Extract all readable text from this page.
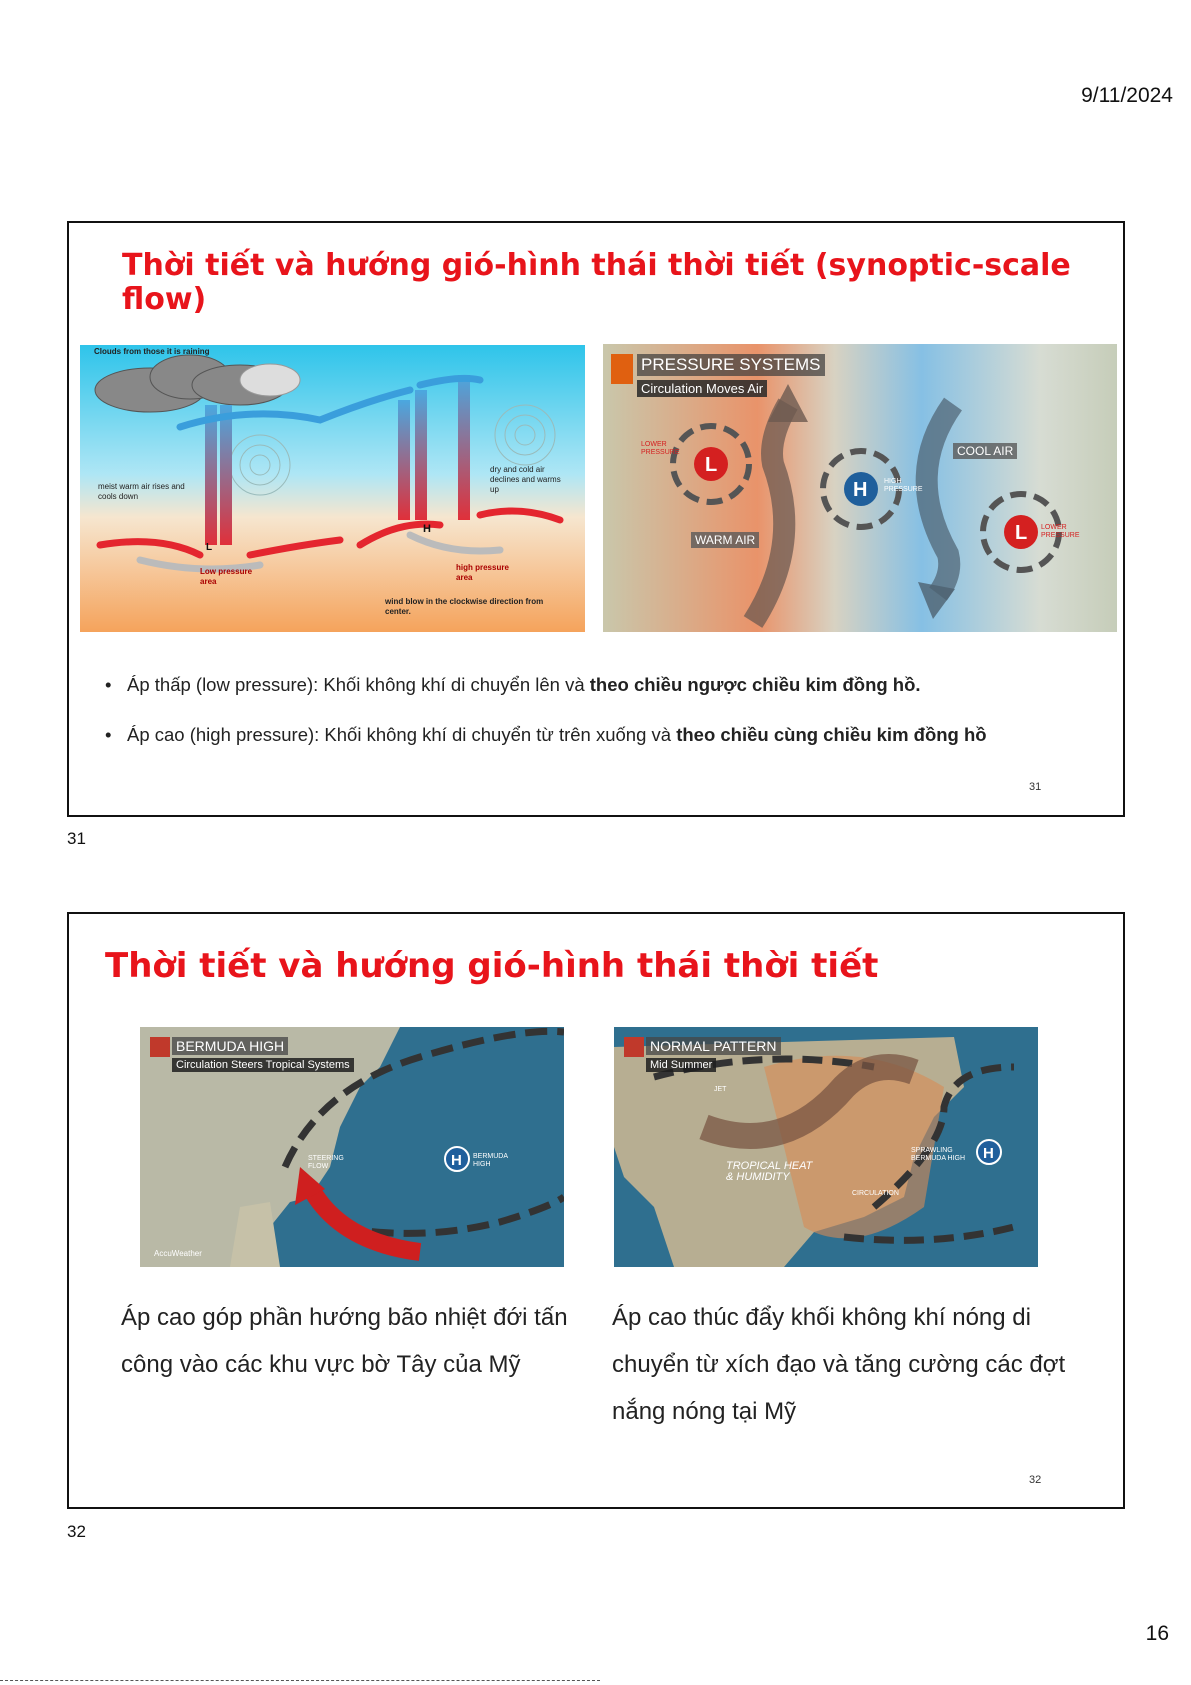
9/11/2024
Thời tiết và hướng gió-hình thái thời tiết (synoptic-scale flow)
H
L
Clouds from those it is raining
meist warm air rises and cools down
dry and cold air declines and warms up
high pressure area
Low pressure area
wind blow in the clockwise direction from center.
L
H
L
PRESSURE SYSTEMS
Circulation Moves Air
LOWER PRESSURE
HIGH PRESSURE
COOL AIR
WARM AIR
LOWER PRESSURE
• Áp thấp (low pressure): Khối không khí di chuyển lên và theo chiều ngược chiều kim đồng hồ.
• Áp cao (high pressure): Khối không khí di chuyển từ trên xuống và theo chiều cùng chiều kim đồng hồ
31
31
Thời tiết và hướng gió-hình thái thời tiết
H
BERMUDA HIGH
Circulation Steers Tropical Systems
STEERING FLOW
BERMUDA HIGH
AccuWeather
H
NORMAL PATTERN
Mid Summer
JET
TROPICAL HEAT & HUMIDITY
CIRCULATION
SPRAWLING BERMUDA HIGH
Áp cao góp phần hướng bão nhiệt đới tấn công vào các khu vực bờ Tây của Mỹ
Áp cao thúc đẩy khối không khí nóng di chuyển từ xích đạo và tăng cường các đợt nắng nóng tại Mỹ
32
32
16
